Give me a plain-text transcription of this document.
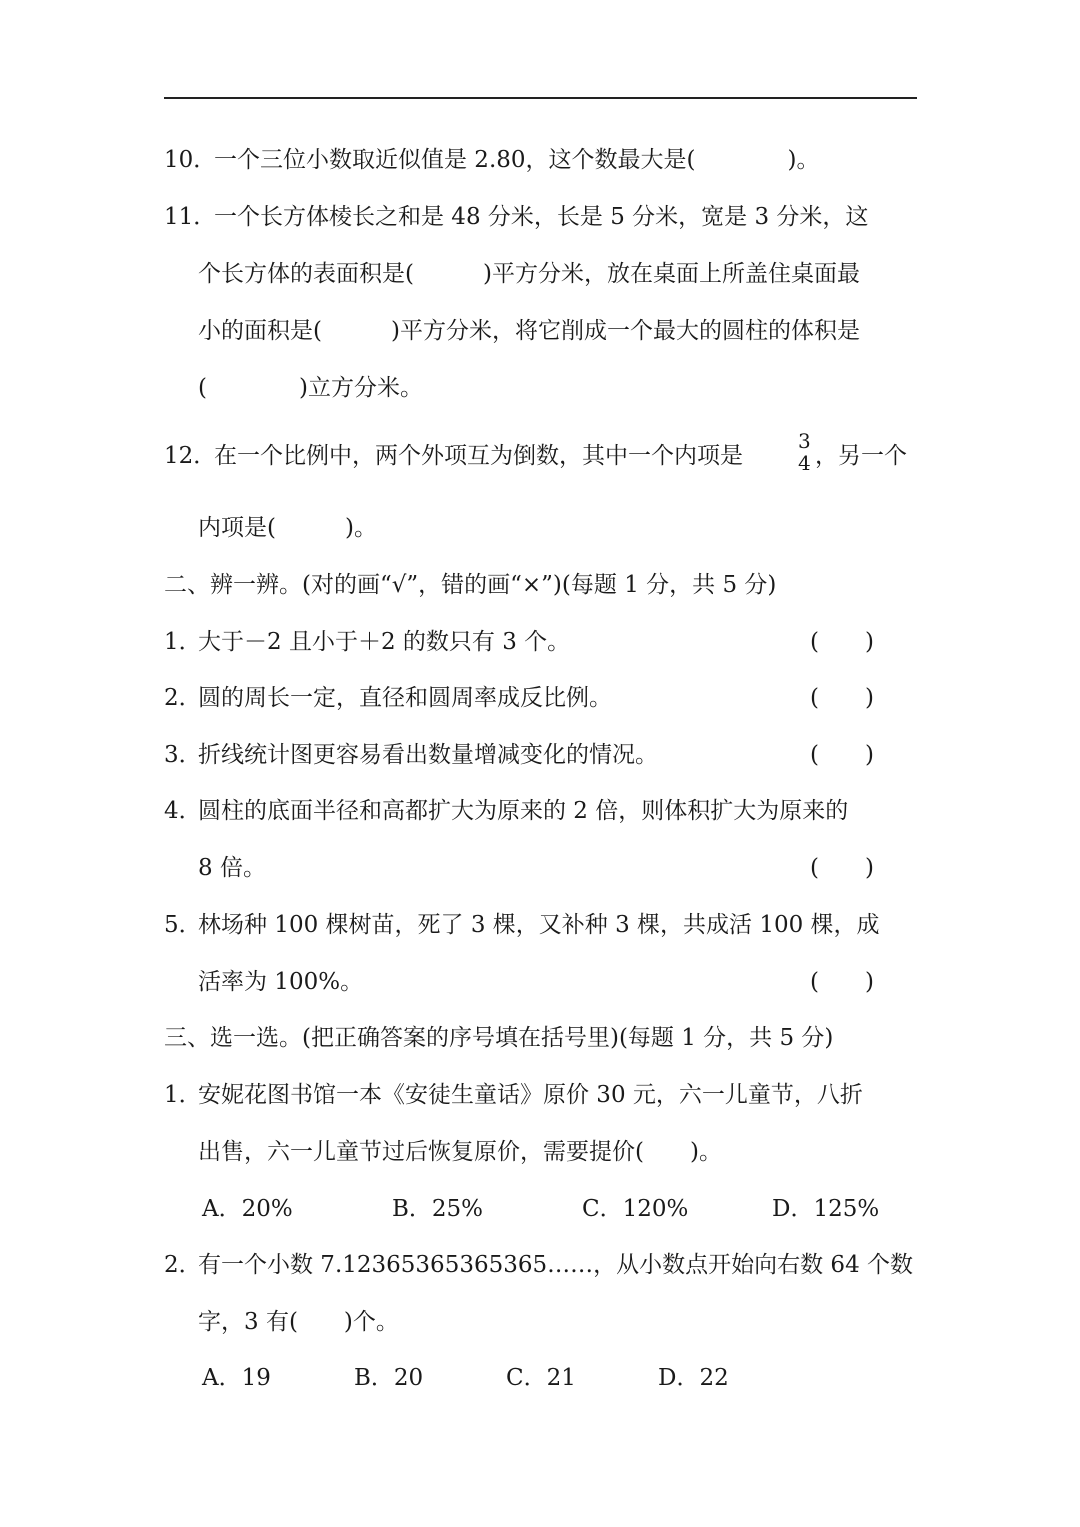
10．
一个三位小数取近似值是 2.80，这个数最大是(　　　　)。
11．
一个长方体棱长之和是 48 分米，长是 5 分米，宽是 3 分米，这
个长方体的表面积是(　　　)平方分米，放在桌面上所盖住桌面最
小的面积是(　　　)平方分米，将它削成一个最大的圆柱的体积是
(　　　　)立方分米。
12．
在一个比例中，两个外项互为倒数，其中一个内项是	，另一个
3
4
内项是(　　　)。
二、辨一辨。(对的画“√”，错的画“×”)(每题 1 分，共 5 分)
1．
大于－2 且小于＋2 的数只有 3 个。	(　　)
2．
圆的周长一定，直径和圆周率成反比例。	(　　)
3．
折线统计图更容易看出数量增减变化的情况。	(　　)
4．
圆柱的底面半径和高都扩大为原来的 2 倍，则体积扩大为原来的
8 倍。	(　　)
5．
林场种 100 棵树苗，死了 3 棵，又补种 3 棵，共成活 100 棵，成
活率为 100%。	(　　)
三、选一选。(把正确答案的序号填在括号里)(每题 1 分，共 5 分)
1．
安妮花图书馆一本《安徒生童话》原价 30 元，六一儿童节，八折
出售，六一儿童节过后恢复原价，需要提价(　　)。
A．20%	B．25%	C．120%	D．125%
2．
有一个小数 7.12365365365365……，从小数点开始向右数 64 个数
字，3 有(　　)个。
A．19	B．20	C．21	D．22
